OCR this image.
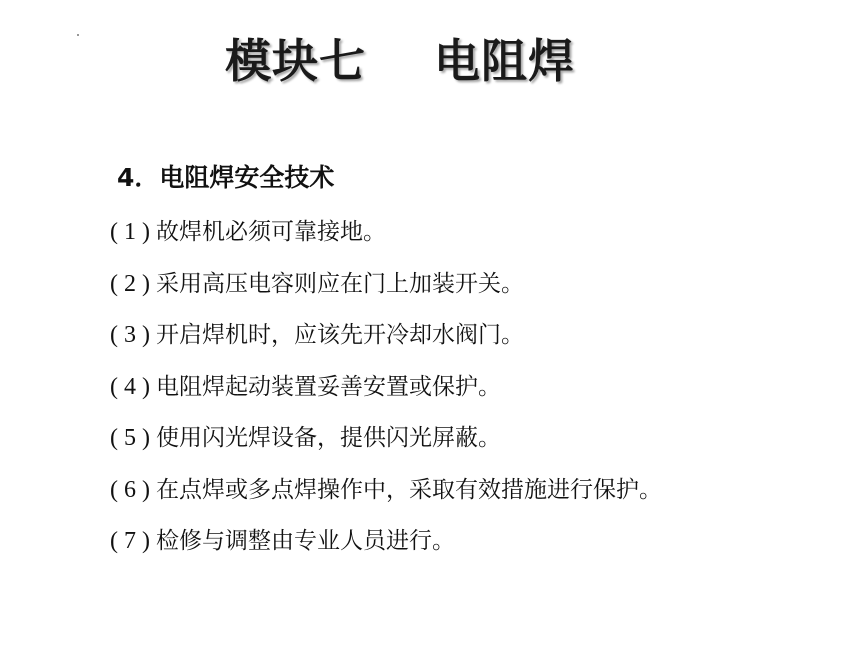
模块七    电阻焊
4．电阻焊安全技术
( 1 ) 故焊机必须可靠接地。
( 2 ) 采用高压电容则应在门上加装开关。
( 3 ) 开启焊机时，应该先开冷却水阀门。
( 4 ) 电阻焊起动装置妥善安置或保护。
( 5 ) 使用闪光焊设备，提供闪光屏蔽。
( 6 ) 在点焊或多点焊操作中，采取有效措施进行保护。
( 7 ) 检修与调整由专业人员进行。
